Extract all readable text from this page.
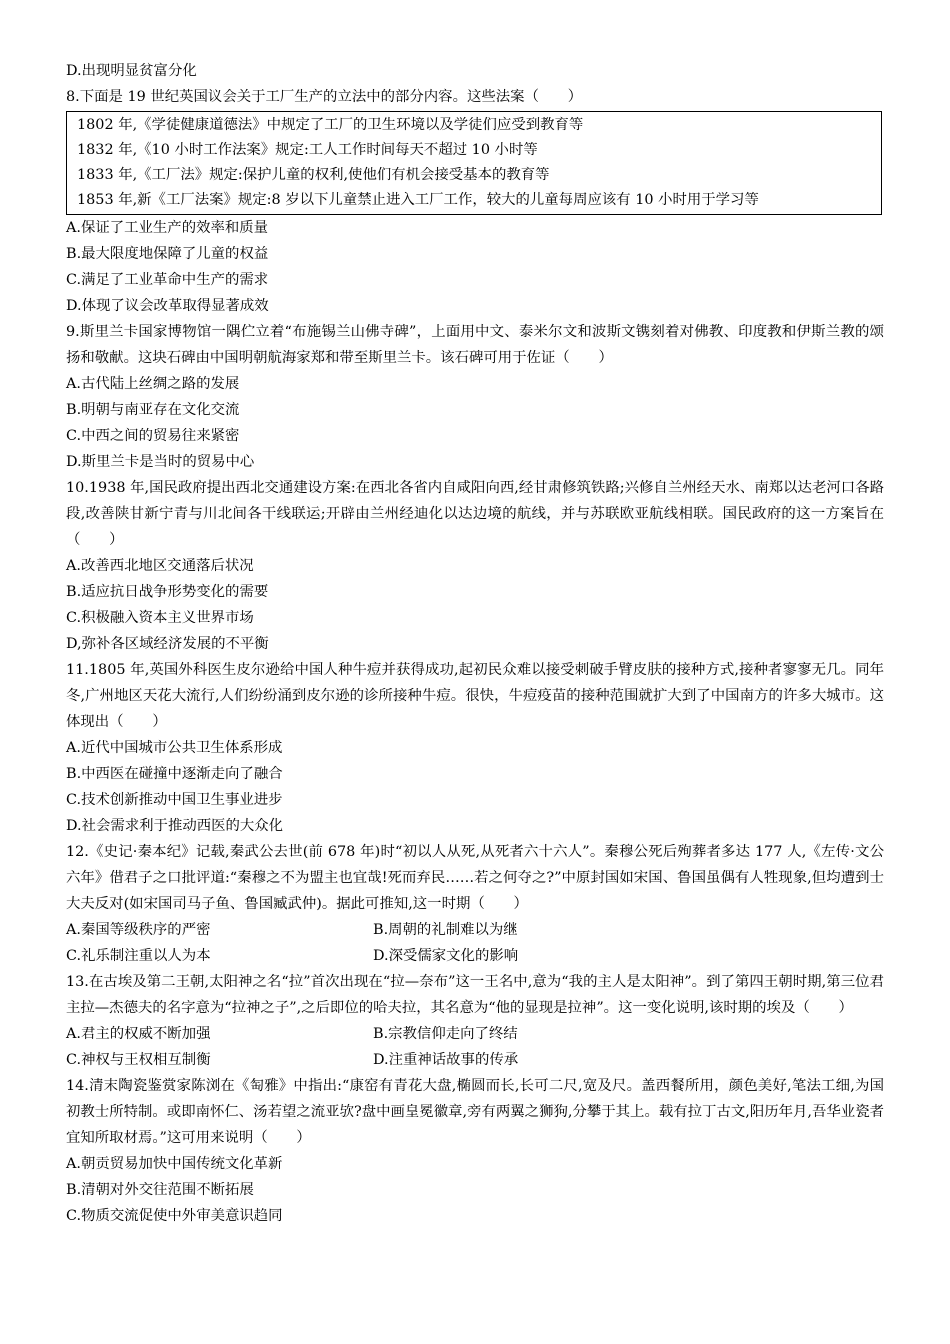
D.出现明显贫富分化
8.下面是 19 世纪英国议会关于工厂生产的立法中的部分内容。这些法案（　　）
1802 年,《学徒健康道德法》中规定了工厂的卫生环境以及学徒们应受到教育等
1832 年,《10 小时工作法案》规定:工人工作时间每天不超过 10 小时等
1833 年,《工厂法》规定:保护儿童的权利,使他们有机会接受基本的教育等
1853 年,新《工厂法案》规定:8 岁以下儿童禁止进入工厂工作，较大的儿童每周应该有 10 小时用于学习等
A.保证了工业生产的效率和质量
B.最大限度地保障了儿童的权益
C.满足了工业革命中生产的需求
D.体现了议会改革取得显著成效
9.斯里兰卡国家博物馆一隅伫立着“布施锡兰山佛寺碑”，上面用中文、泰米尔文和波斯文镌刻着对佛教、印度教和伊斯兰教的颂扬和敬献。这块石碑由中国明朝航海家郑和带至斯里兰卡。该石碑可用于佐证（　　）
A.古代陆上丝绸之路的发展
B.明朝与南亚存在文化交流
C.中西之间的贸易往来紧密
D.斯里兰卡是当时的贸易中心
10.1938 年,国民政府提出西北交通建设方案:在西北各省内自咸阳向西,经甘肃修筑铁路;兴修自兰州经天水、南郑以达老河口各路段,改善陕甘新宁青与川北间各干线联运;开辟由兰州经迪化以达边境的航线，并与苏联欧亚航线相联。国民政府的这一方案旨在（　　）
A.改善西北地区交通落后状况
B.适应抗日战争形势变化的需要
C.积极融入资本主义世界市场
D,弥补各区域经济发展的不平衡
11.1805 年,英国外科医生皮尔逊给中国人种牛痘并获得成功,起初民众难以接受刺破手臂皮肤的接种方式,接种者寥寥无几。同年冬,广州地区天花大流行,人们纷纷涌到皮尔逊的诊所接种牛痘。很快，牛痘疫苗的接种范围就扩大到了中国南方的许多大城市。这体现出（　　）
A.近代中国城市公共卫生体系形成
B.中西医在碰撞中逐渐走向了融合
C.技术创新推动中国卫生事业进步
D.社会需求利于推动西医的大众化
12.《史记·秦本纪》记载,秦武公去世(前 678 年)时“初以人从死,从死者六十六人”。秦穆公死后殉葬者多达 177 人,《左传·文公六年》借君子之口批评道:“秦穆之不为盟主也宜哉!死而弃民……若之何夺之?”中原封国如宋国、鲁国虽偶有人牲现象,但均遭到士大夫反对(如宋国司马子鱼、鲁国臧武仲)。据此可推知,这一时期（　　）
A.秦国等级秩序的严密	B.周朝的礼制难以为继
C.礼乐制注重以人为本	D.深受儒家文化的影响
13.在古埃及第二王朝,太阳神之名“拉”首次出现在“拉—奈布”这一王名中,意为“我的主人是太阳神”。到了第四王朝时期,第三位君主拉—杰德夫的名字意为“拉神之子”,之后即位的哈夫拉，其名意为“他的显现是拉神”。这一变化说明,该时期的埃及（　　）
A.君主的权威不断加强	B.宗教信仰走向了终结
C.神权与王权相互制衡	D.注重神话故事的传承
14.清末陶瓷鉴赏家陈浏在《匋雅》中指出:“康窑有青花大盘,椭圆而长,长可二尺,宽及尺。盖西餐所用，颜色美好,笔法工细,为国初教士所特制。或即南怀仁、汤若望之流亚欤?盘中画皇冕徽章,旁有两翼之狮狗,分攀于其上。载有拉丁古文,阳历年月,吾华业瓷者宜知所取材焉。”这可用来说明（　　）
A.朝贡贸易加快中国传统文化革新
B.清朝对外交往范围不断拓展
C.物质交流促使中外审美意识趋同
